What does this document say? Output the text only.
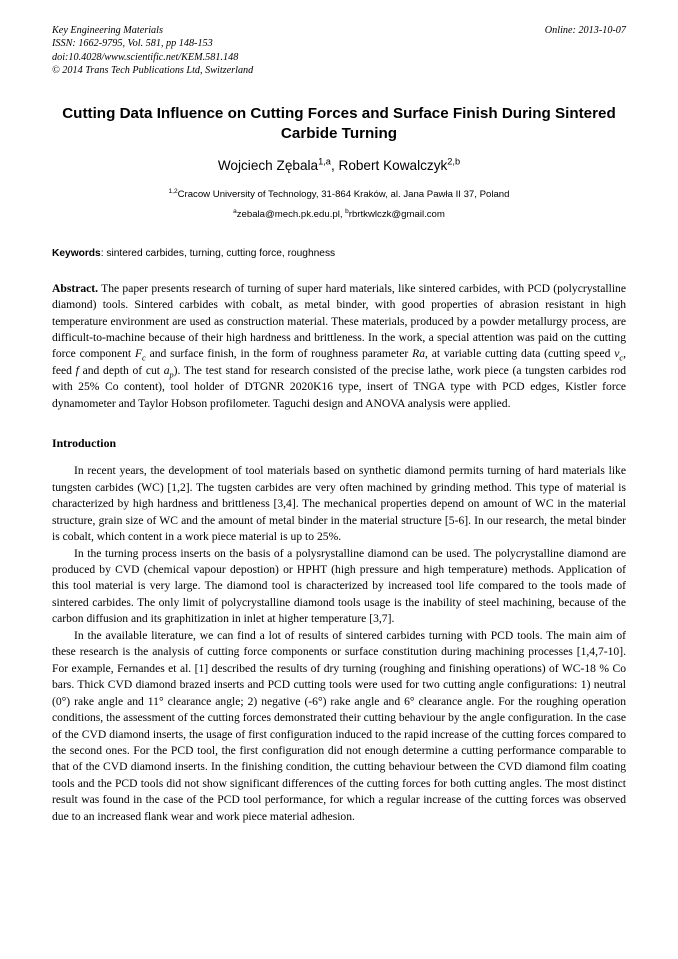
Key Engineering Materials
ISSN: 1662-9795, Vol. 581, pp 148-153
doi:10.4028/www.scientific.net/KEM.581.148
© 2014 Trans Tech Publications Ltd, Switzerland
Online: 2013-10-07
Cutting Data Influence on Cutting Forces and Surface Finish During Sintered Carbide Turning
Wojciech Zębala$^{1,a}$, Robert Kowalczyk$^{2,b}$
$^{1,2}$Cracow University of Technology, 31-864 Kraków, al. Jana Pawła II 37, Poland
$^a$zebala@mech.pk.edu.pl, $^b$rbrtkwlczk@gmail.com
Keywords: sintered carbides, turning, cutting force, roughness
Abstract. The paper presents research of turning of super hard materials, like sintered carbides, with PCD (polycrystalline diamond) tools. Sintered carbides with cobalt, as metal binder, with good properties of abrasion resistant in high temperature environment are used as construction material. These materials, produced by a powder metallurgy process, are difficult-to-machine because of their high hardness and brittleness. In the work, a special attention was paid on the cutting force component $F_c$ and surface finish, in the form of roughness parameter Ra, at variable cutting data (cutting speed $v_c$, feed f and depth of cut $a_p$). The test stand for research consisted of the precise lathe, work piece (a tungsten carbides rod with 25% Co content), tool holder of DTGNR 2020K16 type, insert of TNGA type with PCD edges, Kistler force dynamometer and Taylor Hobson profilometer. Taguchi design and ANOVA analysis were applied.
Introduction
In recent years, the development of tool materials based on synthetic diamond permits turning of hard materials like tungsten carbides (WC) [1,2]. The tugsten carbides are very often machined by grinding method. This type of material is characterized by high hardness and brittleness [3,4]. The mechanical properties depend on amount of WC in the material structure, grain size of WC and the amount of metal binder in the material structure [5-6]. In our research, the metal binder is cobalt, which content in a work piece material is up to 25%.
In the turning process inserts on the basis of a polysrystalline diamond can be used. The polycrystalline diamond are produced by CVD (chemical vapour depostion) or HPHT (high pressure and high temperature) methods. Application of this tool material is very large. The diamond tool is characterized by increased tool life compared to the tools made of sintered carbides. The only limit of polycrystalline diamond tools usage is the inability of steel machining, because of the carbon diffusion and its graphitization in inlet at higher temperature [3,7].
In the available literature, we can find a lot of results of sintered carbides turning with PCD tools. The main aim of these research is the analysis of cutting force components or surface constitution during machining processes [1,4,7-10]. For example, Fernandes et al. [1] described the results of dry turning (roughing and finishing operations) of WC-18 % Co bars. Thick CVD diamond brazed inserts and PCD cutting tools were used for two cutting angle configurations: 1) neutral (0°) rake angle and 11° clearance angle; 2) negative (-6°) rake angle and 6° clearance angle. For the roughing operation conditions, the assessment of the cutting forces demonstrated their cutting behaviour by the angle configuration. In the case of the CVD diamond inserts, the usage of first configuration induced to the rapid increase of the cutting forces compared to the second ones. For the PCD tool, the first configuration did not enough determine a cutting performance comparable to that of the CVD diamond inserts. In the finishing condition, the cutting behaviour between the CVD diamond film coating tools and the PCD tools did not show significant differences of the cutting forces for both cutting angles. The most distinct result was found in the case of the PCD tool performance, for which a regular increase of the cutting forces was observed due to an increased flank wear and work piece material adhesion.
